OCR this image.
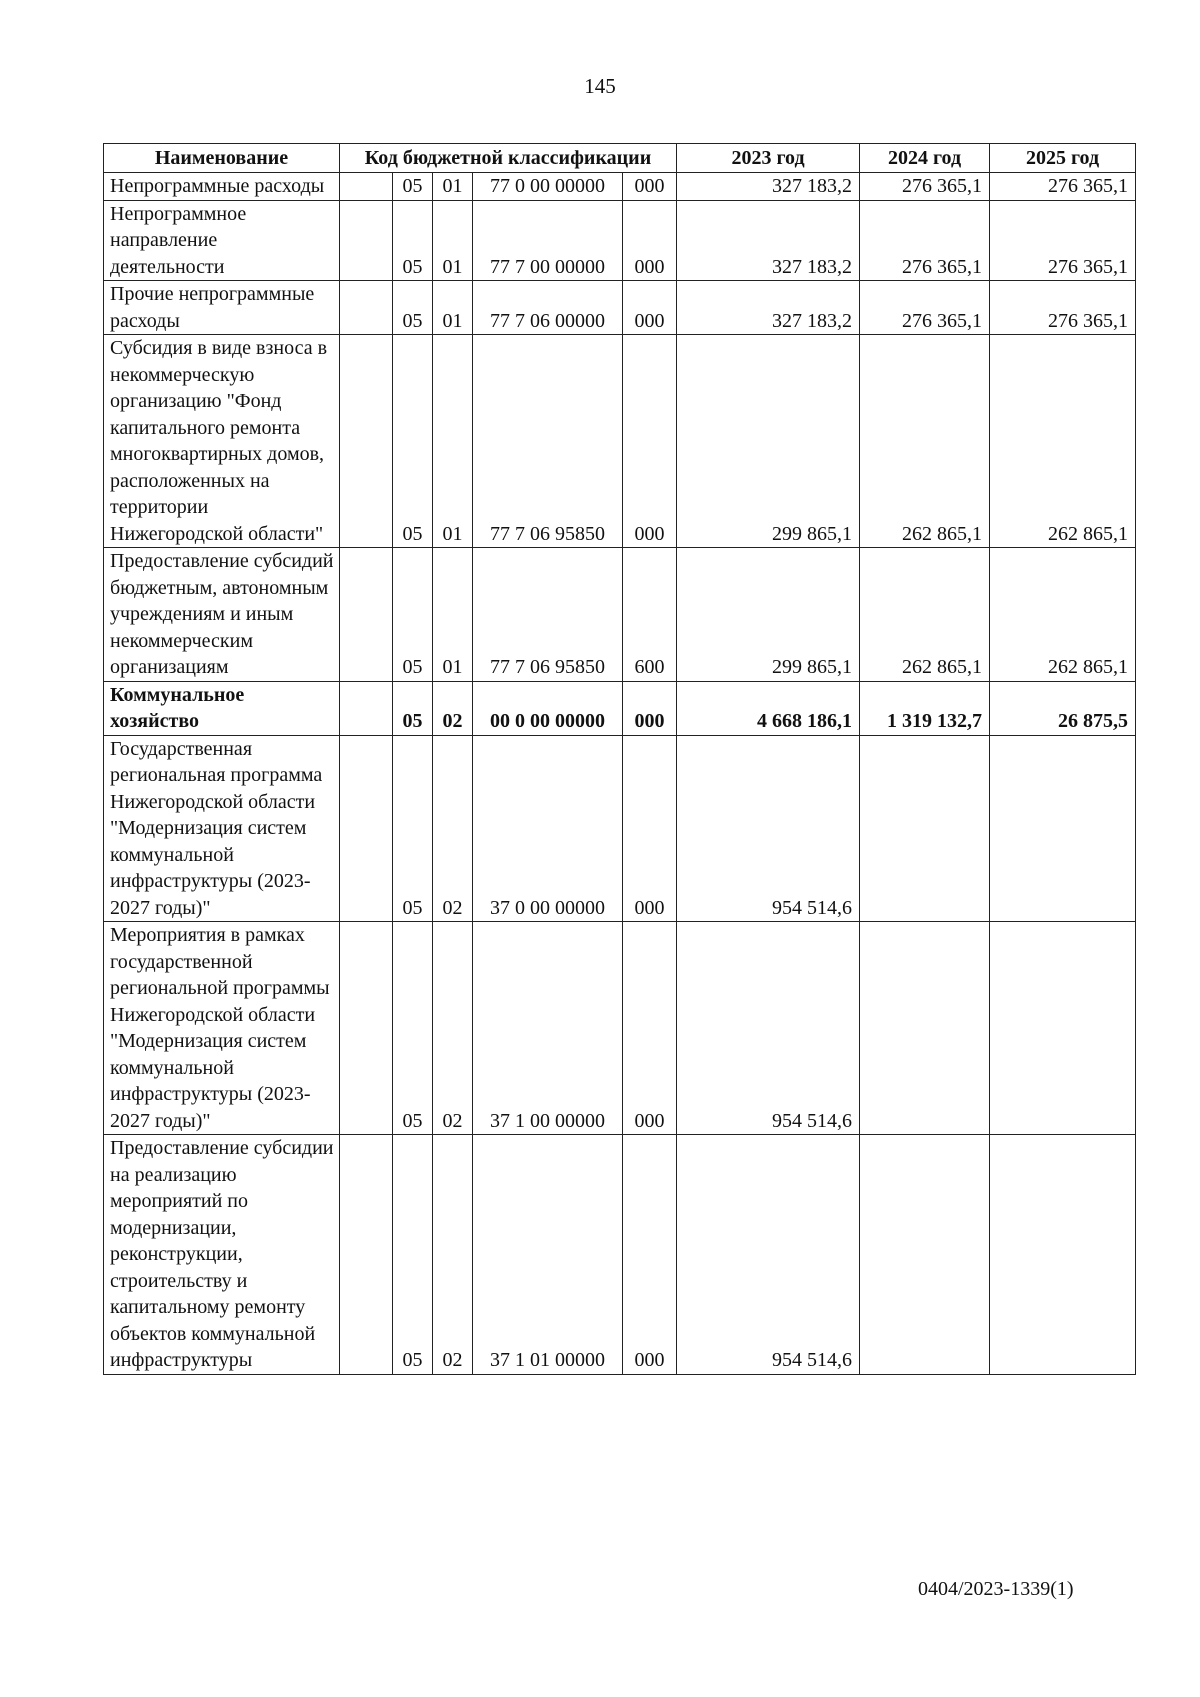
145
Наименование	Код бюджетной классификации					2023 год	2024 год	2025 год
Непрограммные расходы		05	01	77 0 00 00000	000	327 183,2	276 365,1	276 365,1
Непрограммное направление деятельности		05	01	77 7 00 00000	000	327 183,2	276 365,1	276 365,1
Прочие непрограммные расходы		05	01	77 7 06 00000	000	327 183,2	276 365,1	276 365,1
Субсидия в виде взноса в некоммерческую организацию "Фонд капитального ремонта многоквартирных домов, расположенных на территории Нижегородской области"		05	01	77 7 06 95850	000	299 865,1	262 865,1	262 865,1
Предоставление субсидий бюджетным, автономным учреждениям и иным некоммерческим организациям		05	01	77 7 06 95850	600	299 865,1	262 865,1	262 865,1
Коммунальное хозяйство		05	02	00 0 00 00000	000	4 668 186,1	1 319 132,7	26 875,5
Государственная региональная программа Нижегородской области "Модернизация систем коммунальной инфраструктуры (2023-2027 годы)"		05	02	37 0 00 00000	000	954 514,6		
Мероприятия в рамках государственной региональной программы Нижегородской области "Модернизация систем коммунальной инфраструктуры (2023-2027 годы)"		05	02	37 1 00 00000	000	954 514,6		
Предоставление субсидии на реализацию мероприятий по модернизации, реконструкции, строительству и капитальному ремонту объектов коммунальной инфраструктуры		05	02	37 1 01 00000	000	954 514,6		
0404/2023-1339(1)
